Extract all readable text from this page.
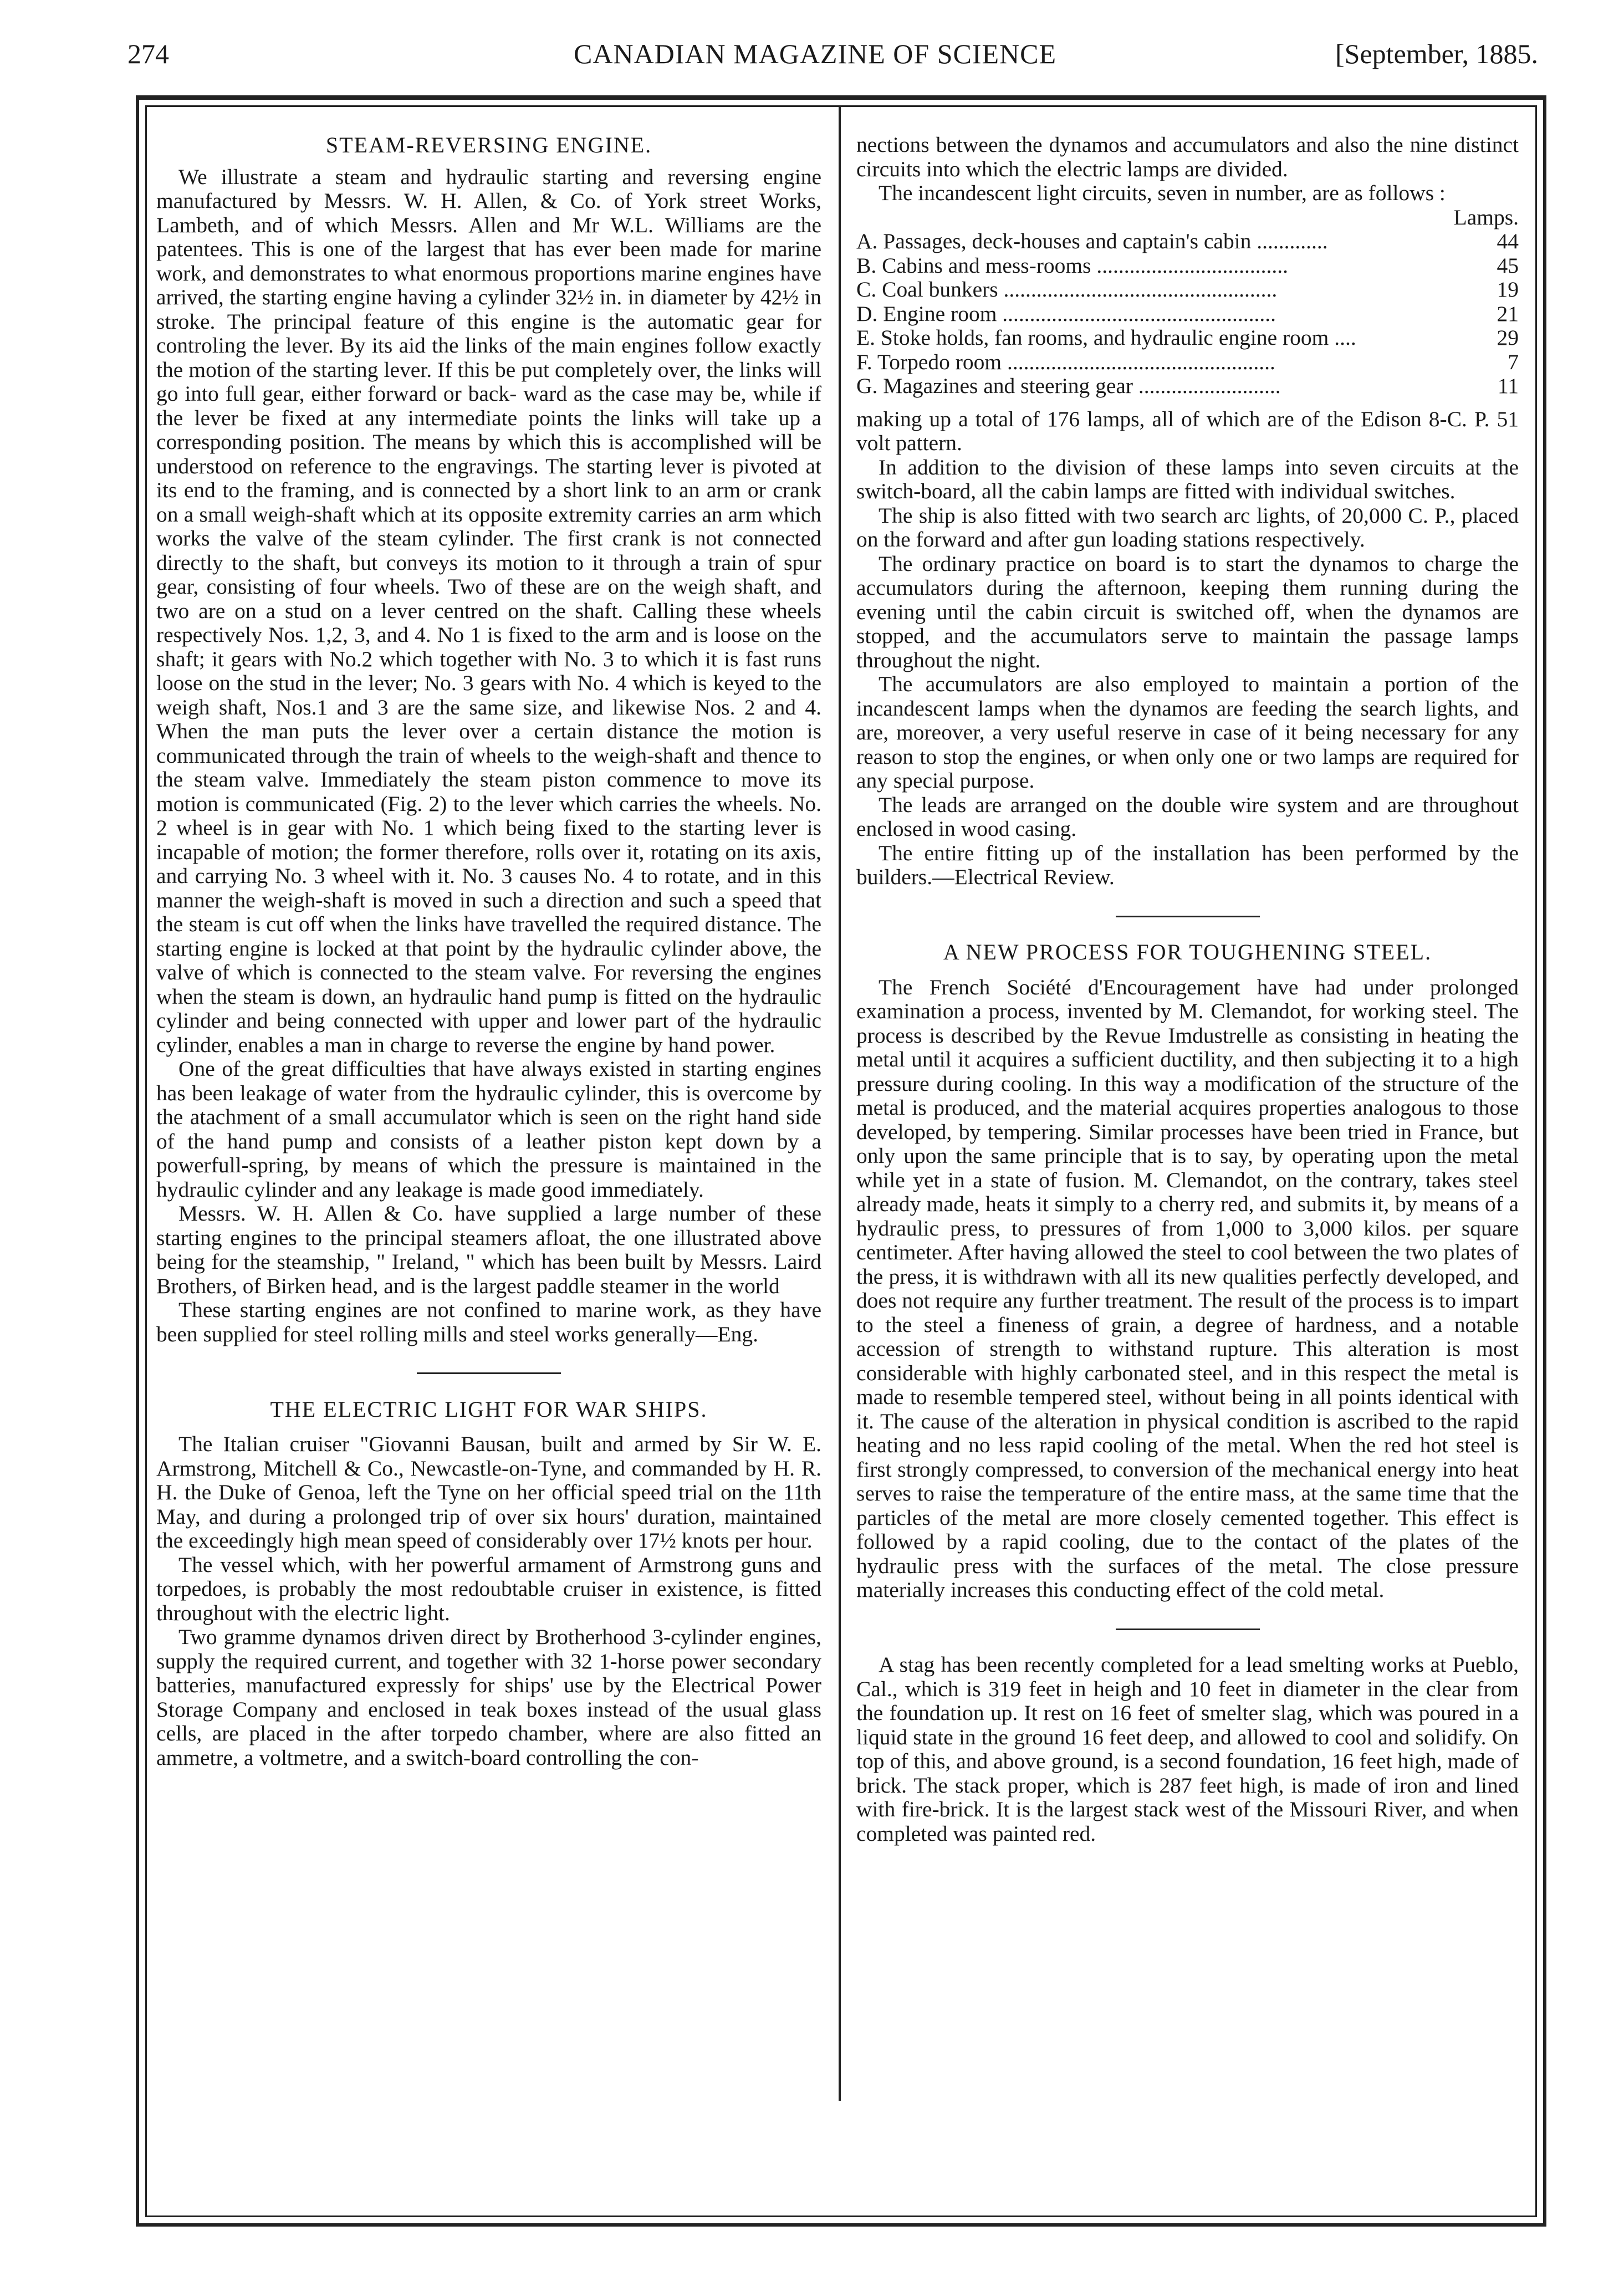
274	CANADIAN MAGAZINE OF SCIENCE	[September, 1885.
STEAM-REVERSING ENGINE.

We illustrate a steam and hydraulic starting and reversing engine manufactured by Messrs. W. H. Allen, & Co. of York street Works, Lambeth, and of which Messrs. Allen and Mr W.L. Williams are the patentees. This is one of the largest that has ever been made for marine work, and demonstrates to what enormous proportions marine engines have arrived, the starting engine having a cylinder 32½ in. in diameter by 42½ in stroke. The principal feature of this engine is the automatic gear for controling the lever. By its aid the links of the main engines follow exactly the motion of the starting lever. If this be put completely over, the links will go into full gear, either forward or back- ward as the case may be, while if the lever be fixed at any intermediate points the links will take up a corresponding position. The means by which this is accomplished will be understood on reference to the engravings. The starting lever is pivoted at its end to the framing, and is connected by a short link to an arm or crank on a small weigh-shaft which at its opposite extremity carries an arm which works the valve of the steam cylinder. The first crank is not connected directly to the shaft, but conveys its motion to it through a train of spur gear, consisting of four wheels. Two of these are on the weigh shaft, and two are on a stud on a lever centred on the shaft. Calling these wheels respectively Nos. 1,2, 3, and 4. No 1 is fixed to the arm and is loose on the shaft; it gears with No.2 which together with No. 3 to which it is fast runs loose on the stud in the lever; No. 3 gears with No. 4 which is keyed to the weigh shaft, Nos.1 and 3 are the same size, and likewise Nos. 2 and 4. When the man puts the lever over a certain distance the motion is communicated through the train of wheels to the weigh-shaft and thence to the steam valve. Immediately the steam piston commence to move its motion is communicated (Fig. 2) to the lever which carries the wheels. No. 2 wheel is in gear with No. 1 which being fixed to the starting lever is incapable of motion; the former therefore, rolls over it, rotating on its axis, and carrying No. 3 wheel with it. No. 3 causes No. 4 to rotate, and in this manner the weigh-shaft is moved in such a direction and such a speed that the steam is cut off when the links have travelled the required distance. The starting engine is locked at that point by the hydraulic cylinder above, the valve of which is connected to the steam valve. For reversing the engines when the steam is down, an hydraulic hand pump is fitted on the hydraulic cylinder and being connected with upper and lower part of the hydraulic cylinder, enables a man in charge to reverse the engine by hand power.

One of the great difficulties that have always existed in starting engines has been leakage of water from the hydraulic cylinder, this is overcome by the atachment of a small accumulator which is seen on the right hand side of the hand pump and consists of a leather piston kept down by a powerfull-spring, by means of which the pressure is maintained in the hydraulic cylinder and any leakage is made good immediately.

Messrs. W. H. Allen & Co. have supplied a large number of these starting engines to the principal steamers afloat, the one illustrated above being for the steamship, " Ireland, " which has been built by Messrs. Laird Brothers, of Birken head, and is the largest paddle steamer in the world

These starting engines are not confined to marine work, as they have been supplied for steel rolling mills and steel works generally—Eng.

THE ELECTRIC LIGHT FOR WAR SHIPS.

The Italian cruiser "Giovanni Bausan, built and armed by Sir W. E. Armstrong, Mitchell & Co., Newcastle-on-Tyne, and commanded by H. R. H. the Duke of Genoa, left the Tyne on her official speed trial on the 11th May, and during a prolonged trip of over six hours' duration, maintained the exceedingly high mean speed of considerably over 17½ knots per hour.

The vessel which, with her powerful armament of Armstrong guns and torpedoes, is probably the most redoubtable cruiser in existence, is fitted throughout with the electric light.

Two gramme dynamos driven direct by Brotherhood 3-cylinder engines, supply the required current, and together with 32 1-horse power secondary batteries, manufactured expressly for ships' use by the Electrical Power Storage Company and enclosed in teak boxes instead of the usual glass cells, are placed in the after torpedo chamber, where are also fitted an ammetre, a voltmetre, and a switch-board controlling the con-

nections between the dynamos and accumulators and also the nine distinct circuits into which the electric lamps are divided.

The incandescent light circuits, seven in number, are as follows :

Lamps.
A. Passages, deck-houses and captain's cabin .............	44
B. Cabins and mess-rooms ...................................	45
C. Coal bunkers ..................................................	19
D. Engine room ..................................................	21
E. Stoke holds, fan rooms, and hydraulic engine room ....	29
F. Torpedo room .................................................	7
G. Magazines and steering gear ..........................	11

making up a total of 176 lamps, all of which are of the Edison 8-C. P. 51 volt pattern.

In addition to the division of these lamps into seven circuits at the switch-board, all the cabin lamps are fitted with individual switches.

The ship is also fitted with two search arc lights, of 20,000 C. P., placed on the forward and after gun loading stations respectively.

The ordinary practice on board is to start the dynamos to charge the accumulators during the afternoon, keeping them running during the evening until the cabin circuit is switched off, when the dynamos are stopped, and the accumulators serve to maintain the passage lamps throughout the night.

The accumulators are also employed to maintain a portion of the incandescent lamps when the dynamos are feeding the search lights, and are, moreover, a very useful reserve in case of it being necessary for any reason to stop the engines, or when only one or two lamps are required for any special purpose.

The leads are arranged on the double wire system and are throughout enclosed in wood casing.

The entire fitting up of the installation has been performed by the builders.—Electrical Review.

A NEW PROCESS FOR TOUGHENING STEEL.

The French Société d'Encouragement have had under prolonged examination a process, invented by M. Clemandot, for working steel. The process is described by the Revue Imdustrelle as consisting in heating the metal until it acquires a sufficient ductility, and then subjecting it to a high pressure during cooling. In this way a modification of the structure of the metal is produced, and the material acquires properties analogous to those developed, by tempering. Similar processes have been tried in France, but only upon the same principle that is to say, by operating upon the metal while yet in a state of fusion. M. Clemandot, on the contrary, takes steel already made, heats it simply to a cherry red, and submits it, by means of a hydraulic press, to pressures of from 1,000 to 3,000 kilos. per square centimeter. After having allowed the steel to cool between the two plates of the press, it is withdrawn with all its new qualities perfectly developed, and does not require any further treatment. The result of the process is to impart to the steel a fineness of grain, a degree of hardness, and a notable accession of strength to withstand rupture. This alteration is most considerable with highly carbonated steel, and in this respect the metal is made to resemble tempered steel, without being in all points identical with it. The cause of the alteration in physical condition is ascribed to the rapid heating and no less rapid cooling of the metal. When the red hot steel is first strongly compressed, to conversion of the mechanical energy into heat serves to raise the temperature of the entire mass, at the same time that the particles of the metal are more closely cemented together. This effect is followed by a rapid cooling, due to the contact of the plates of the hydraulic press with the surfaces of the metal. The close pressure materially increases this conducting effect of the cold metal.

A stag has been recently completed for a lead smelting works at Pueblo, Cal., which is 319 feet in heigh and 10 feet in diameter in the clear from the foundation up. It rest on 16 feet of smelter slag, which was poured in a liquid state in the ground 16 feet deep, and allowed to cool and solidify. On top of this, and above ground, is a second foundation, 16 feet high, made of brick. The stack proper, which is 287 feet high, is made of iron and lined with fire-brick. It is the largest stack west of the Missouri River, and when completed was painted red.
